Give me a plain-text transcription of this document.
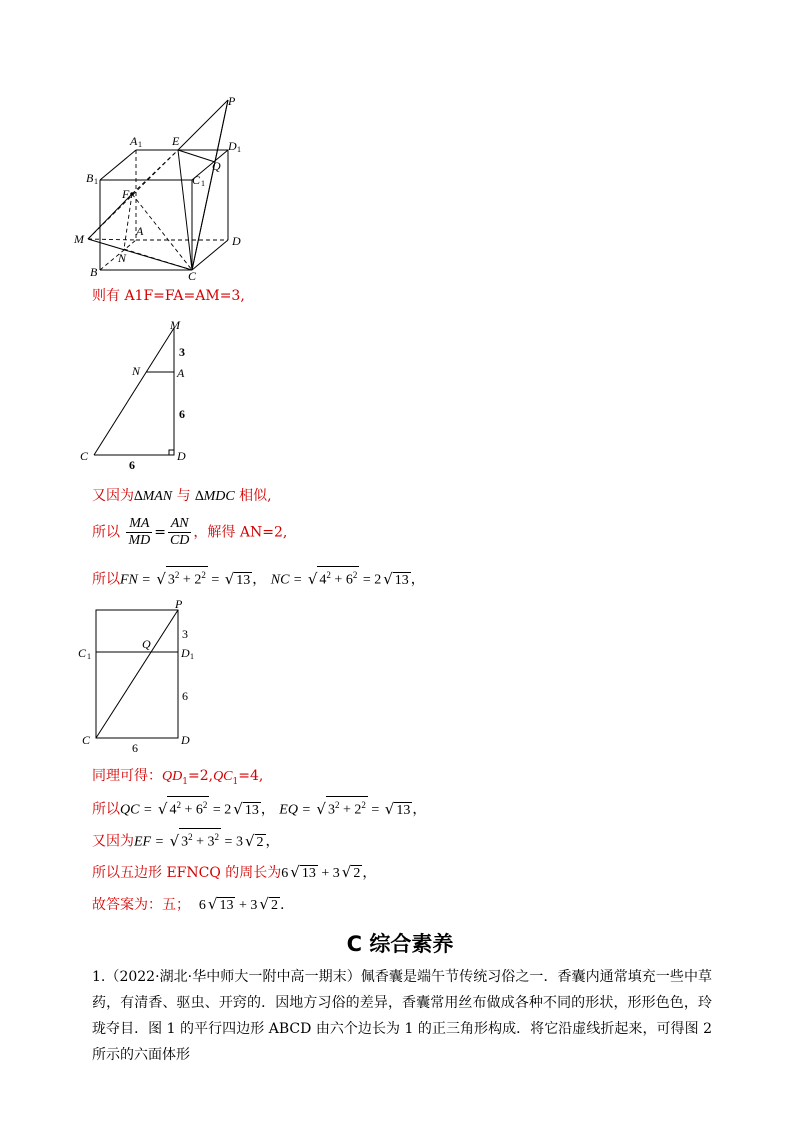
P
A 1	E	D 1
B 1	C 1
Q
F
M
A
D
N
B	C
则有 A1F=FA=AM=3,
M
N	A
C	D
3
6
6
又因为∆MAN 与 ∆MDC 相似,
所以 $\frac{MA}{MD} = \frac{AN}{CD}$ ，解得 AN=2,
所以FN = √ $3^2 + 2^2$ = √ 13 ， NC = √ $4^2 + 6^2 = 2$ √ 13 ，
P
Q
C 1	D 1
C	D
3
6
6
同理可得：$QD_1=2,QC_1=4$,
所以QC = √ $4^2 + 6^2 = 2$ √ 13 ， EQ = √ $3^2 + 2^2$ = √ 13 ，
又因为EF = √ $3^2 + 3^2 = 3$ √ 2 ，
所以五边形 EFNCQ 的周长为6 √ 13 + 3 √ 2 ，
故答案为：五； 6 √ 13 + 3 √ 2 .
C 综合素养
1.（2022·湖北·华中师大一附中高一期末）佩香囊是端午节传统习俗之一．香囊内通常填充一些中草药，有清香、驱虫、开窍的．因地方习俗的差异，香囊常用丝布做成各种不同的形状，形形色色，玲珑夺目．图 1 的平行四边形 ABCD 由六个边长为 1 的正三角形构成．将它沿虚线折起来，可得图 2 所示的六面体形
